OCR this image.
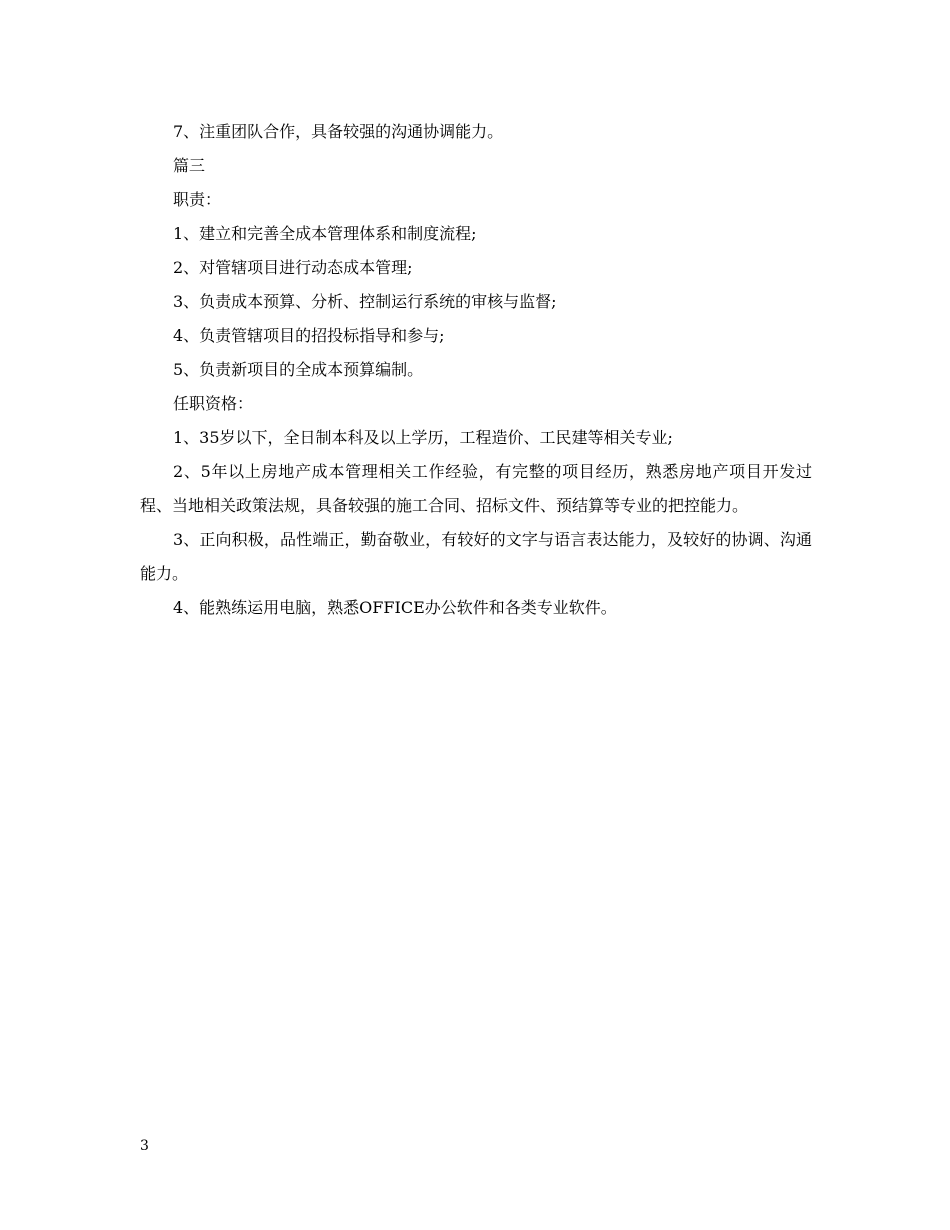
7、注重团队合作，具备较强的沟通协调能力。

篇三

职责：

1、建立和完善全成本管理体系和制度流程;

2、对管辖项目进行动态成本管理;

3、负责成本预算、分析、控制运行系统的审核与监督;

4、负责管辖项目的招投标指导和参与;

5、负责新项目的全成本预算编制。

任职资格：

1、35岁以下，全日制本科及以上学历，工程造价、工民建等相关专业;

2、5年以上房地产成本管理相关工作经验，有完整的项目经历，熟悉房地产项目开发过程、当地相关政策法规，具备较强的施工合同、招标文件、预结算等专业的把控能力。

3、正向积极，品性端正，勤奋敬业，有较好的文字与语言表达能力，及较好的协调、沟通能力。

4、能熟练运用电脑，熟悉OFFICE办公软件和各类专业软件。

3
